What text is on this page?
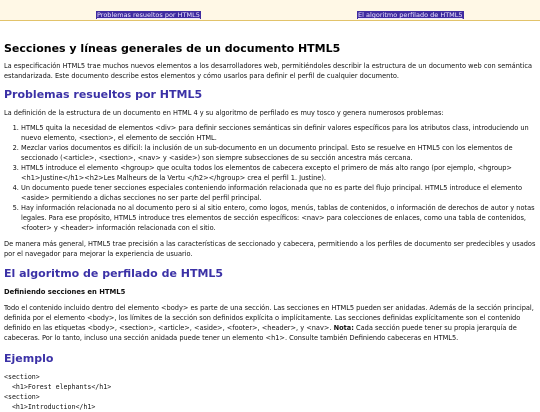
Problemas resueltos por HTML5	El algoritmo perfilado de HTML5
Secciones y líneas generales de un documento HTML5

La especificación HTML5 trae muchos nuevos elementos a los desarrolladores web, permitiéndoles describir la estructura de un documento web con semántica estandarizada. Este documento describe estos elementos y cómo usarlos para definir el perfil de cualquier documento.

Problemas resueltos por HTML5

La definición de la estructura de un documento en HTML 4 y su algoritmo de perfilado es muy tosco y genera numerosos problemas:

1. HTML5 quita la necesidad de elementos <div> para definir secciones semánticas sin definir valores específicos para los atributos class, introduciendo un nuevo elemento, <section>, el elemento de sección HTML.
2. Mezclar varios documentos es difícil: la inclusión de un sub-documento en un documento principal. Esto se resuelve en HTML5 con los elementos de seccionado (<article>, <section>, <nav> y <aside>) son siempre subsecciones de su sección ancestra más cercana.
3. HTML5 introduce el elemento <hgroup> que oculta todos los elementos de cabecera excepto el primero de más alto rango (por ejemplo, <hgroup> <h1>Justine</h1><h2>Les Malheurs de la Vertu </h2></hgroup> crea el perfil 1. Justine).
4. Un documento puede tener secciones especiales conteniendo información relacionada que no es parte del flujo principal. HTML5 introduce el elemento <aside> permitiendo a dichas secciones no ser parte del perfil principal.
5. Hay información relacionada no al documento pero si al sitio entero, como logos, menús, tablas de contenidos, o información de derechos de autor y notas legales. Para ese propósito, HTML5 introduce tres elementos de sección específicos: <nav> para colecciones de enlaces, como una tabla de contenidos, <footer> y <header> información relacionada con el sitio.

De manera más general, HTML5 trae precisión a las características de seccionado y cabecera, permitiendo a los perfiles de documento ser predecibles y usados por el navegador para mejorar la experiencia de usuario.

El algoritmo de perfilado de HTML5
Definiendo secciones en HTML5

Todo el contenido incluido dentro del elemento <body> es parte de una sección. Las secciones en HTML5 pueden ser anidadas. Además de la sección principal, definida por el elemento <body>, los límites de la sección son definidos explícita o implícitamente. Las secciones definidas explícitamente son el contenido definido en las etiquetas <body>, <section>, <article>, <aside>, <footer>, <header>, y <nav>. Nota: Cada sección puede tener su propia jerarquía de cabeceras. Por lo tanto, incluso una sección anidada puede tener un elemento <h1>. Consulte también Definiendo cabeceras en HTML5.

Ejemplo
<section>
<h1>Forest elephants</h1>
<section>
<h1>Introduction</h1>
